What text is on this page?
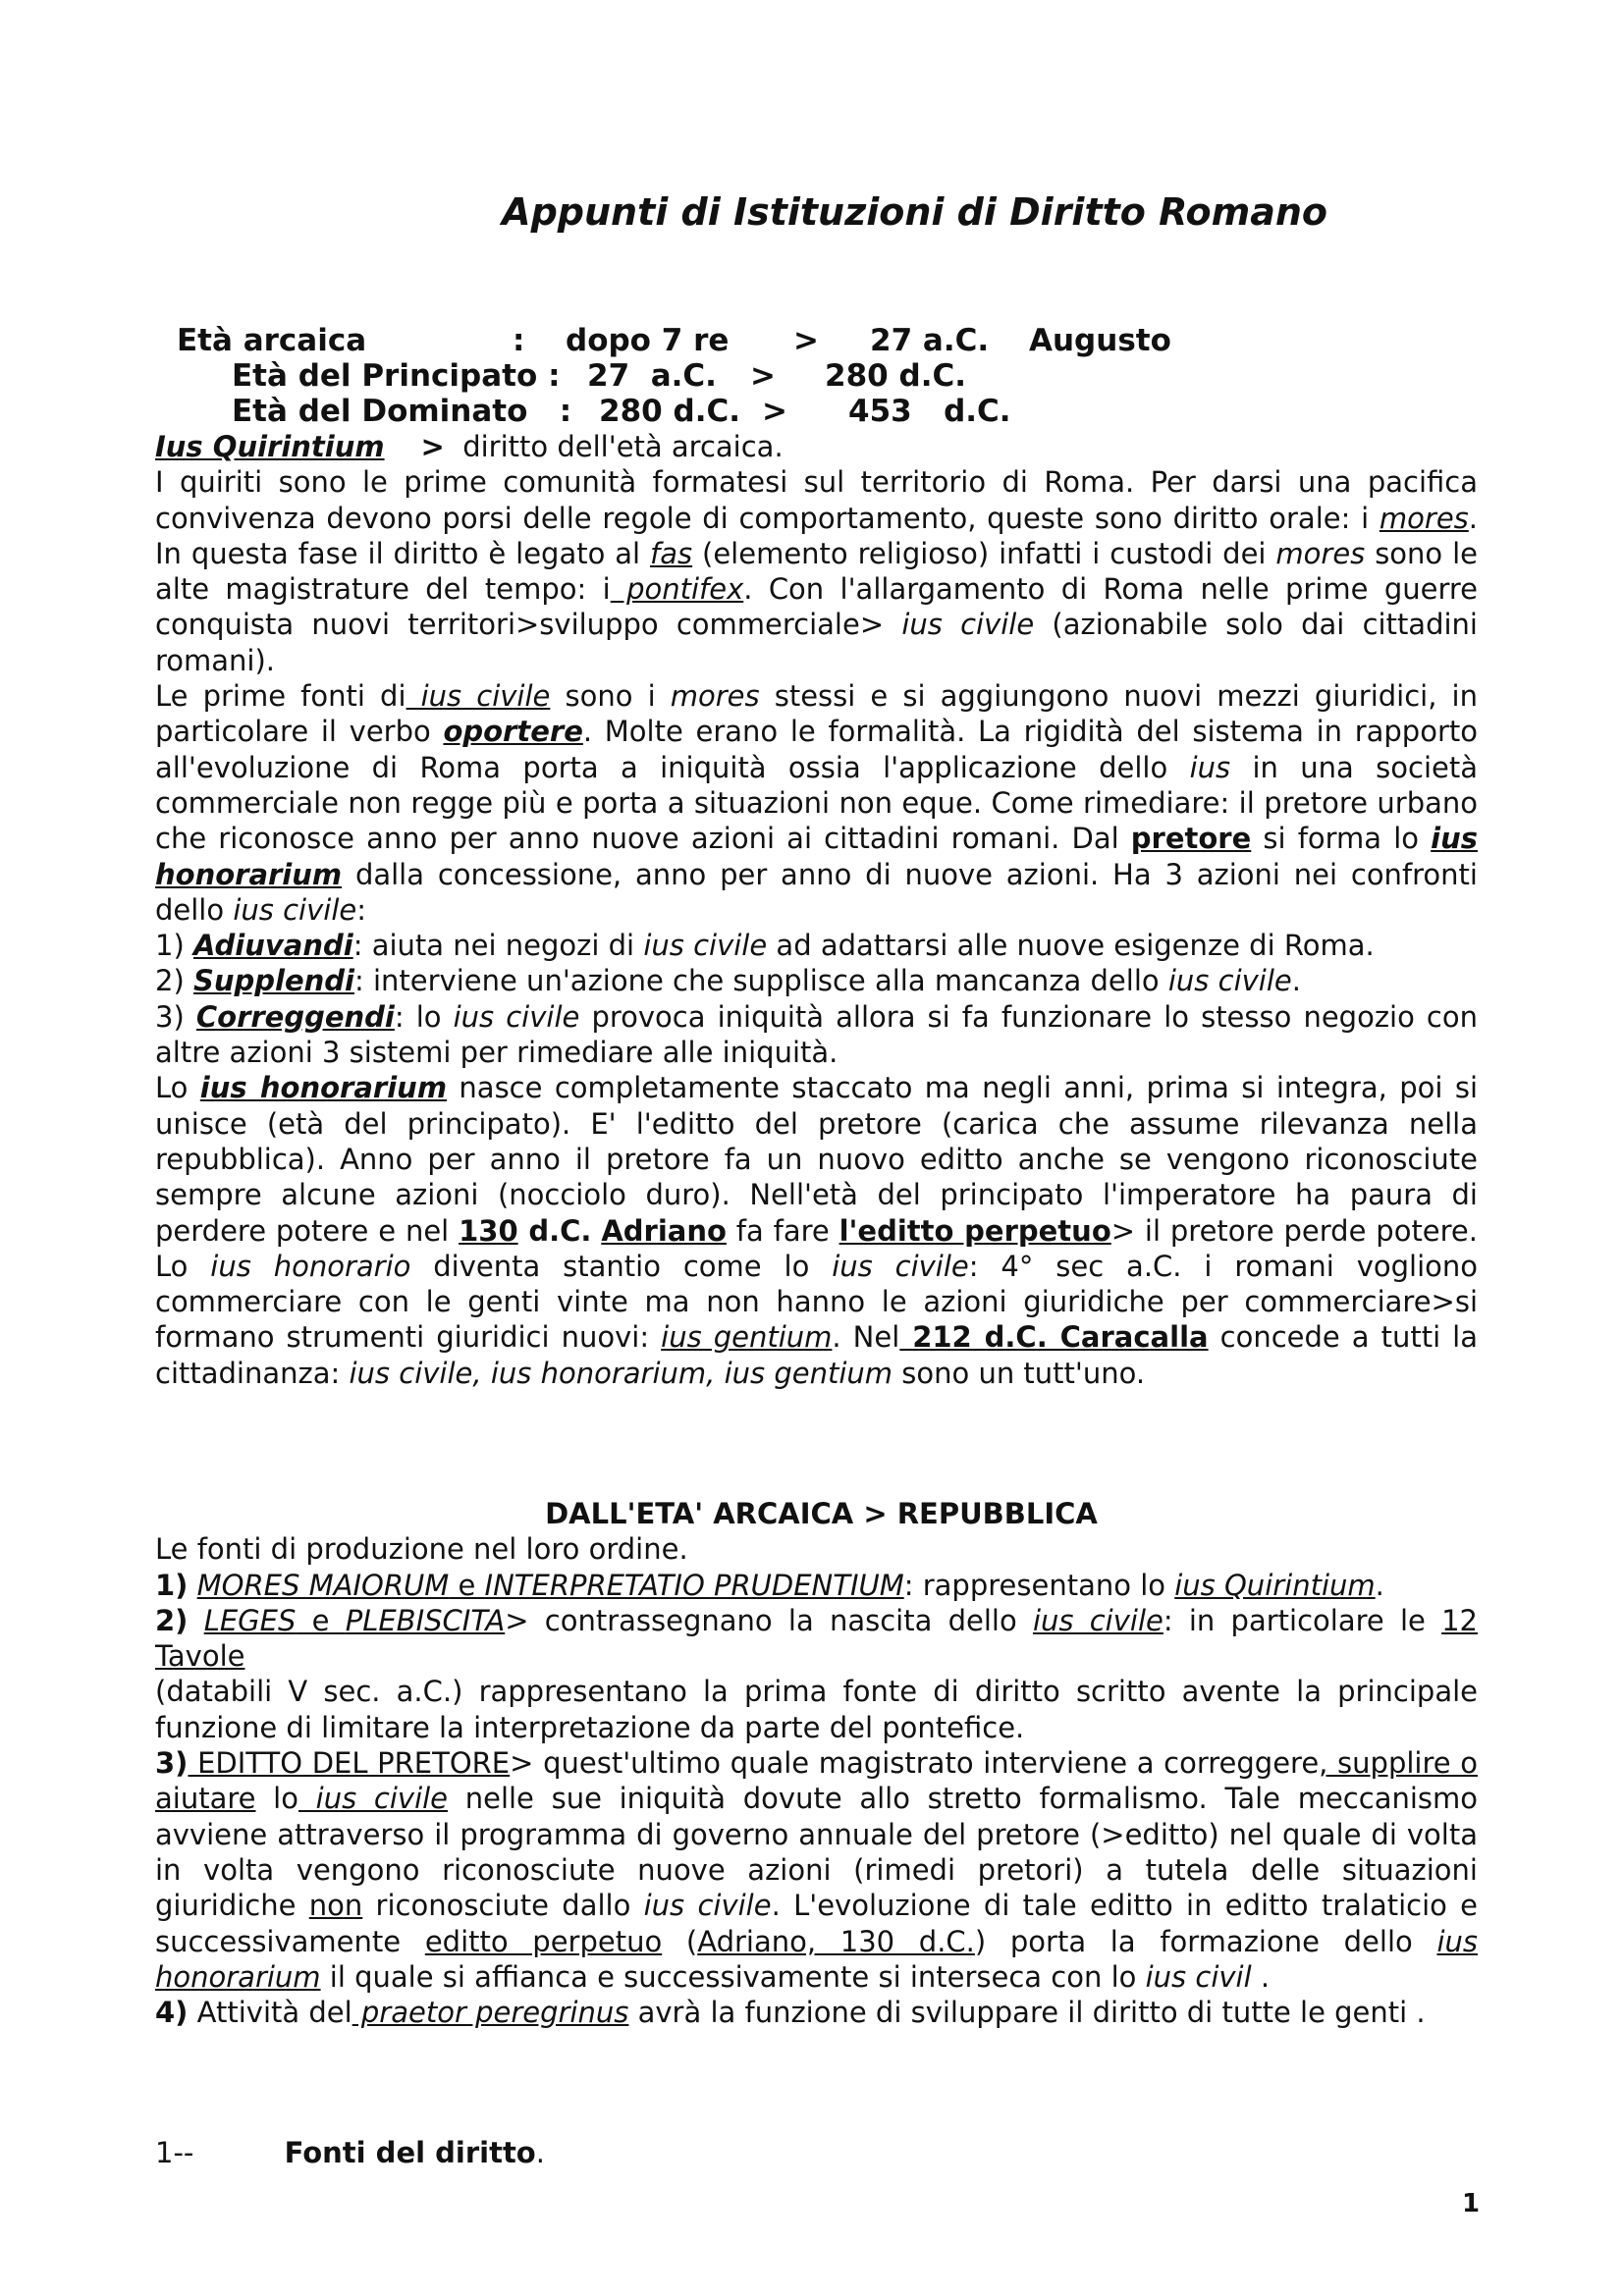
Appunti di Istituzioni di Diritto Romano
Età arcaica	: dopo 7 re > 27 a.C. Augusto
Età del Principato : 27  a.C. > 280 d.C.
Età del Dominato   : 280 d.C. > 453   d.C.

Ius Quirintium > diritto dell'età arcaica.

I quiriti sono le prime comunità formatesi sul territorio di Roma. Per darsi una pacifica convivenza devono porsi delle regole di comportamento, queste sono diritto orale: i mores. In questa fase il diritto è legato al fas (elemento religioso) infatti i custodi dei mores sono le alte magistrature del tempo: i pontifex. Con l'allargamento di Roma nelle prime guerre conquista nuovi territori>sviluppo commerciale> ius civile (azionabile solo dai cittadini romani).

Le prime fonti di ius civile sono i mores stessi e si aggiungono nuovi mezzi giuridici, in particolare il verbo oportere. Molte erano le formalità. La rigidità del sistema in rapporto all'evoluzione di Roma porta a iniquità ossia l'applicazione dello ius in una società commerciale non regge più e porta a situazioni non eque. Come rimediare: il pretore urbano che riconosce anno per anno nuove azioni ai cittadini romani. Dal pretore si forma lo ius honorarium dalla concessione, anno per anno di nuove azioni. Ha 3 azioni nei confronti dello ius civile:

1) Adiuvandi: aiuta nei negozi di ius civile ad adattarsi alle nuove esigenze di Roma.

2) Supplendi: interviene un'azione che supplisce alla mancanza dello ius civile.

3) Correggendi: lo ius civile provoca iniquità allora si fa funzionare lo stesso negozio con altre azioni 3 sistemi per rimediare alle iniquità.

Lo ius honorarium nasce completamente staccato ma negli anni, prima si integra, poi si unisce (età del principato). E' l'editto del pretore (carica che assume rilevanza nella repubblica). Anno per anno il pretore fa un nuovo editto anche se vengono riconosciute sempre alcune azioni (nocciolo duro). Nell'età del principato l'imperatore ha paura di perdere potere e nel 130 d.C. Adriano fa fare l'editto perpetuo> il pretore perde potere. Lo ius honorario diventa stantio come lo ius civile: 4° sec a.C. i romani vogliono commerciare con le genti vinte ma non hanno le azioni giuridiche per commerciare>si formano strumenti giuridici nuovi: ius gentium. Nel 212 d.C. Caracalla concede a tutti la cittadinanza: ius civile, ius honorarium, ius gentium sono un tutt'uno.

DALL'ETA' ARCAICA > REPUBBLICA

Le fonti di produzione nel loro ordine.

1) MORES MAIORUM e INTERPRETATIO PRUDENTIUM: rappresentano lo ius Quirintium.

2) LEGES e PLEBISCITA> contrassegnano la nascita dello ius civile: in particolare le 12 Tavole
(databili V sec. a.C.) rappresentano la prima fonte di diritto scritto avente la principale funzione di limitare la interpretazione da parte del pontefice.

3) EDITTO DEL PRETORE> quest'ultimo quale magistrato interviene a correggere, supplire o aiutare lo ius civile nelle sue iniquità dovute allo stretto formalismo. Tale meccanismo avviene attraverso il programma di governo annuale del pretore (>editto) nel quale di volta in volta vengono riconosciute nuove azioni (rimedi pretori) a tutela delle situazioni giuridiche non riconosciute dallo ius civile. L'evoluzione di tale editto in editto tralaticio e successivamente editto perpetuo (Adriano, 130 d.C.) porta la formazione dello ius honorarium il quale si affianca e successivamente si interseca con lo ius civil .

4) Attività del praetor peregrinus avrà la funzione di sviluppare il diritto di tutte le genti .

1--	Fonti del diritto.
1
